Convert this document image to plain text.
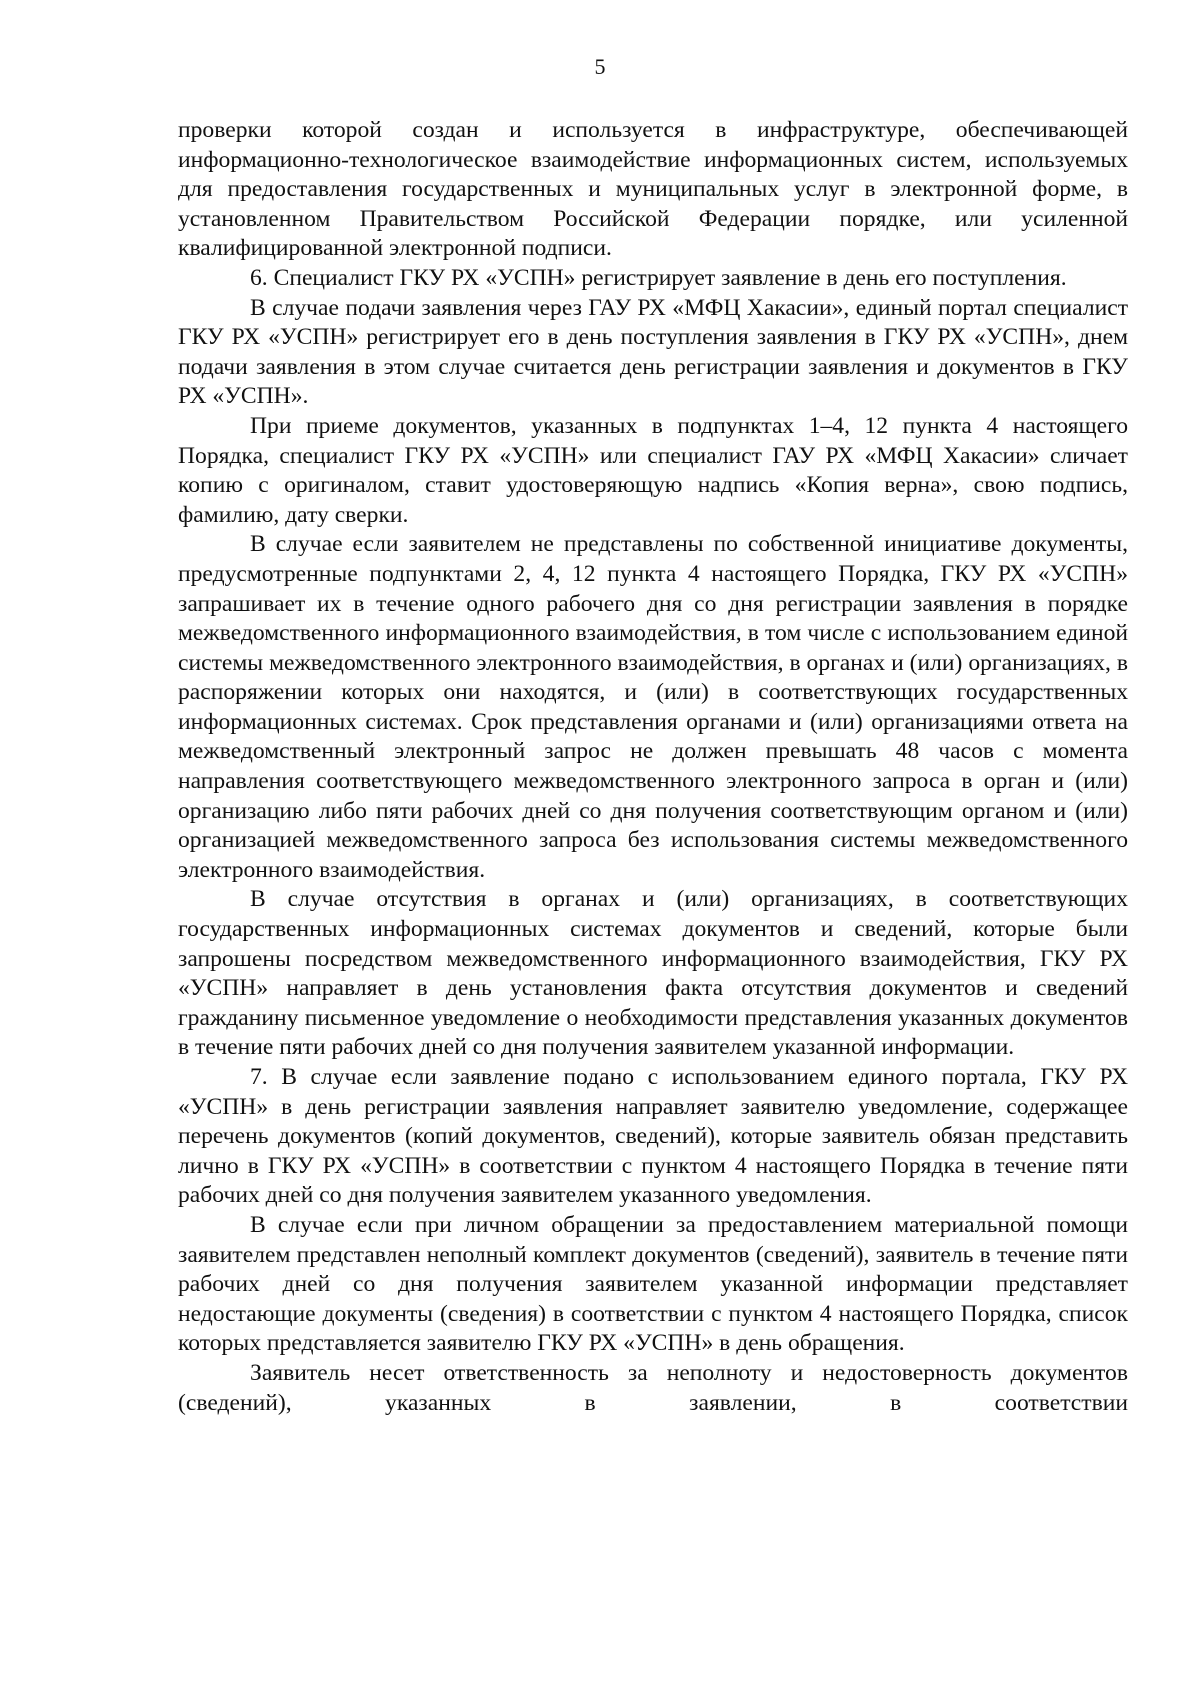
5

проверки которой создан и используется в инфраструктуре, обеспечивающей информационно-технологическое взаимодействие информационных систем, используемых для предоставления государственных и муниципальных услуг в электронной форме, в установленном Правительством Российской Федерации порядке, или усиленной квалифицированной электронной подписи.

6. Специалист ГКУ РХ «УСПН» регистрирует заявление в день его поступления.

В случае подачи заявления через ГАУ РХ «МФЦ Хакасии», единый портал специалист ГКУ РХ «УСПН» регистрирует его в день поступления заявления в ГКУ РХ «УСПН», днем подачи заявления в этом случае считается день регистрации заявления и документов в ГКУ РХ «УСПН».

При приеме документов, указанных в подпунктах 1–4, 12 пункта 4 настоящего Порядка, специалист ГКУ РХ «УСПН» или специалист ГАУ РХ «МФЦ Хакасии» сличает копию с оригиналом, ставит удостоверяющую надпись «Копия верна», свою подпись, фамилию, дату сверки.

В случае если заявителем не представлены по собственной инициативе документы, предусмотренные подпунктами 2, 4, 12 пункта 4 настоящего Порядка, ГКУ РХ «УСПН» запрашивает их в течение одного рабочего дня со дня регистрации заявления в порядке межведомственного информационного взаимодействия, в том числе с использованием единой системы межведомственного электронного взаимодействия, в органах и (или) организациях, в распоряжении которых они находятся, и (или) в соответствующих государственных информационных системах. Срок представления органами и (или) организациями ответа на межведомственный электронный запрос не должен превышать 48 часов с момента направления соответствующего межведомственного электронного запроса в орган и (или) организацию либо пяти рабочих дней со дня получения соответствующим органом и (или) организацией межведомственного запроса без использования системы межведомственного электронного взаимодействия.

В случае отсутствия в органах и (или) организациях, в соответствующих государственных информационных системах документов и сведений, которые были запрошены посредством межведомственного информационного взаимодействия, ГКУ РХ «УСПН» направляет в день установления факта отсутствия документов и сведений гражданину письменное уведомление о необходимости представления указанных документов в течение пяти рабочих дней со дня получения заявителем указанной информации.

7. В случае если заявление подано с использованием единого портала, ГКУ РХ «УСПН» в день регистрации заявления направляет заявителю уведомление, содержащее перечень документов (копий документов, сведений), которые заявитель обязан представить лично в ГКУ РХ «УСПН» в соответствии с пунктом 4 настоящего Порядка в течение пяти рабочих дней со дня получения заявителем указанного уведомления.

В случае если при личном обращении за предоставлением материальной помощи заявителем представлен неполный комплект документов (сведений), заявитель в течение пяти рабочих дней со дня получения заявителем указанной информации представляет недостающие документы (сведения) в соответствии с пунктом 4 настоящего Порядка, список которых представляется заявителю ГКУ РХ «УСПН» в день обращения.

Заявитель несет ответственность за неполноту и недостоверность документов (сведений), указанных в заявлении, в соответствии
